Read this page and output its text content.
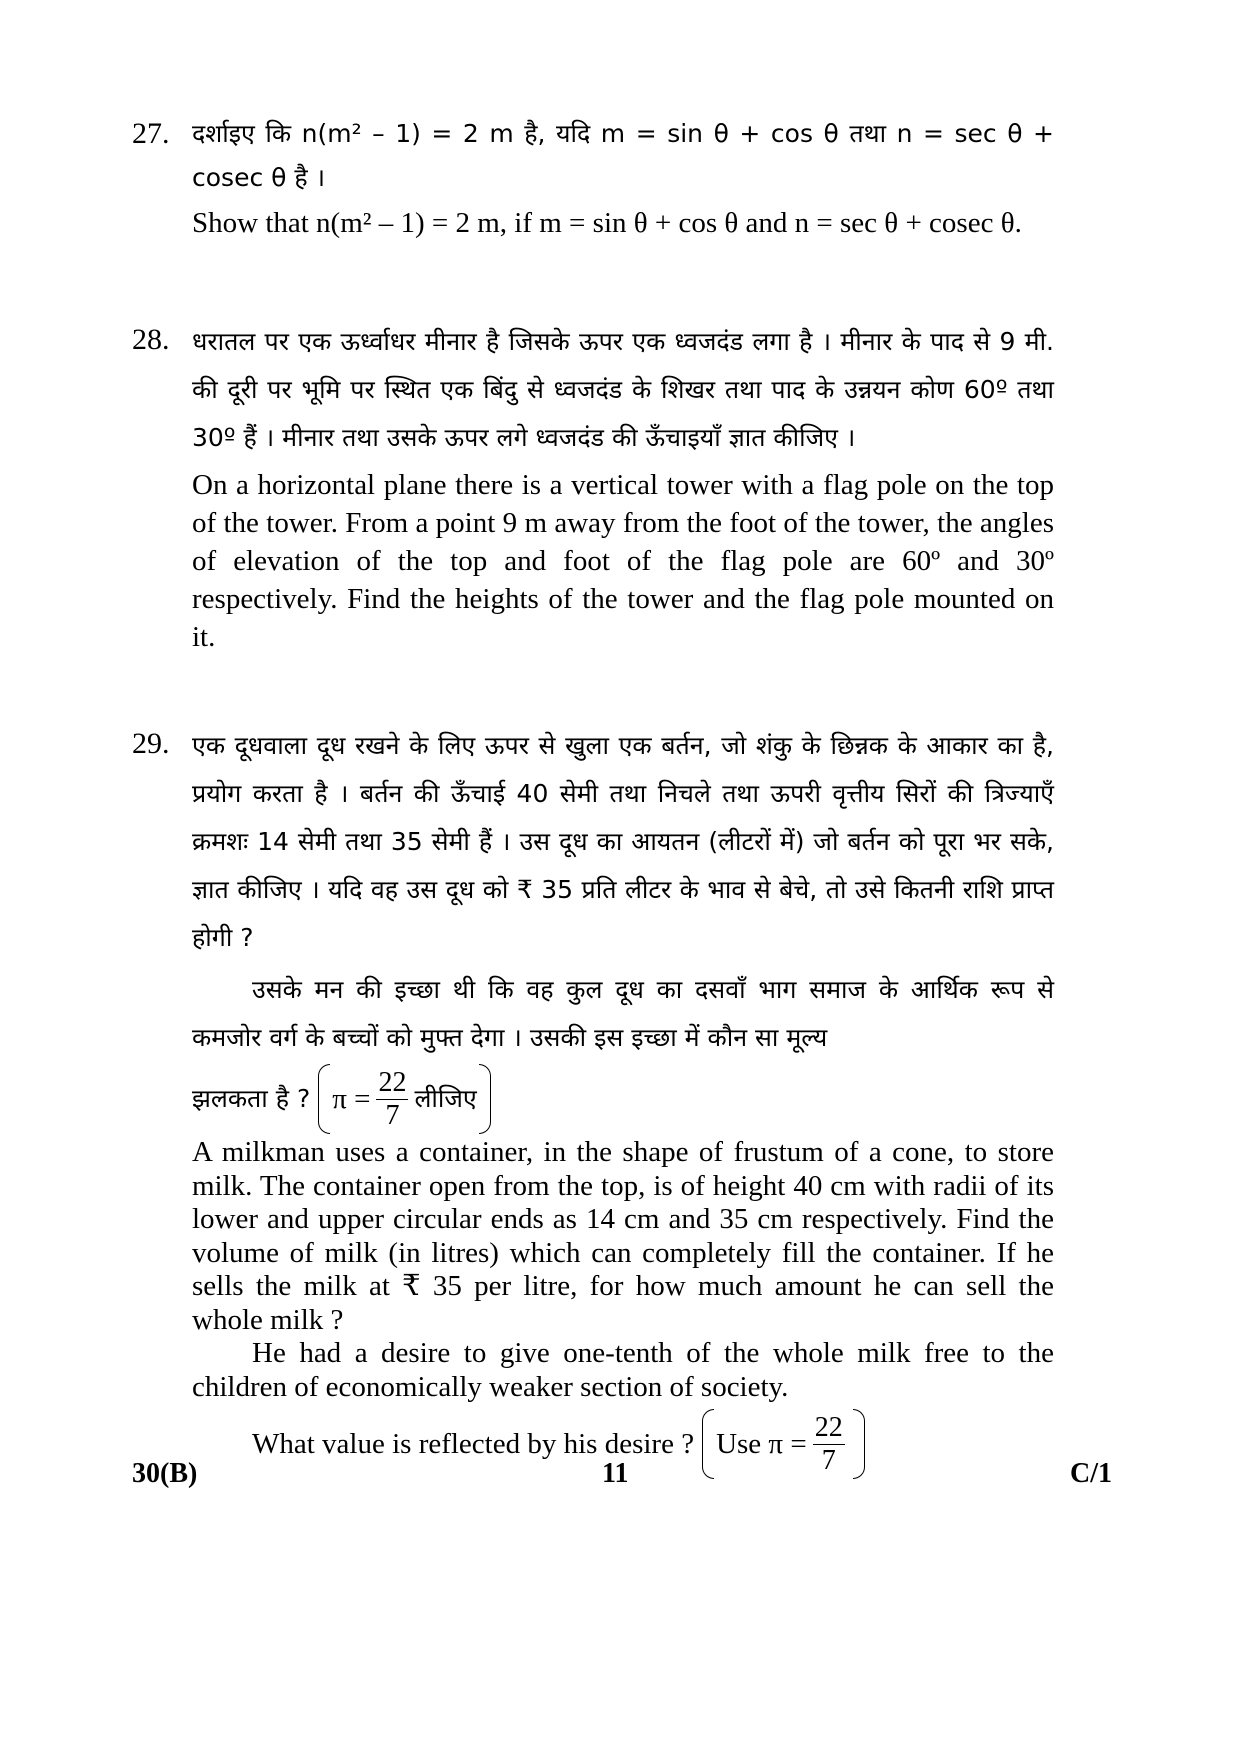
27. दर्शाइए कि n(m² – 1) = 2 m है, यदि m = sin θ + cos θ तथा n = sec θ + cosec θ है ।

Show that n(m² – 1) = 2 m, if m = sin θ + cos θ and n = sec θ + cosec θ.

28. धरातल पर एक ऊर्ध्वाधर मीनार है जिसके ऊपर एक ध्वजदंड लगा है । मीनार के पाद से 9 मी. की दूरी पर भूमि पर स्थित एक बिंदु से ध्वजदंड के शिखर तथा पाद के उन्नयन कोण 60º तथा 30º हैं । मीनार तथा उसके ऊपर लगे ध्वजदंड की ऊँचाइयाँ ज्ञात कीजिए ।

On a horizontal plane there is a vertical tower with a flag pole on the top of the tower. From a point 9 m away from the foot of the tower, the angles of elevation of the top and foot of the flag pole are 60º and 30º respectively. Find the heights of the tower and the flag pole mounted on it.

29. एक दूधवाला दूध रखने के लिए ऊपर से खुला एक बर्तन, जो शंकु के छिन्नक के आकार का है, प्रयोग करता है । बर्तन की ऊँचाई 40 सेमी तथा निचले तथा ऊपरी वृत्तीय सिरों की त्रिज्याएँ क्रमशः 14 सेमी तथा 35 सेमी हैं । उस दूध का आयतन (लीटरों में) जो बर्तन को पूरा भर सके, ज्ञात कीजिए । यदि वह उस दूध को ₹ 35 प्रति लीटर के भाव से बेचे, तो उसे कितनी राशि प्राप्त होगी ?

उसके मन की इच्छा थी कि वह कुल दूध का दसवाँ भाग समाज के आर्थिक रूप से कमजोर वर्ग के बच्चों को मुफ्त देगा । उसकी इस इच्छा में कौन सा मूल्य

झलकता है ? $\pi = \frac{22}{7}$ लीजिए

A milkman uses a container, in the shape of frustum of a cone, to store milk. The container open from the top, is of height 40 cm with radii of its lower and upper circular ends as 14 cm and 35 cm respectively. Find the volume of milk (in litres) which can completely fill the container. If he sells the milk at ₹ 35 per litre, for how much amount he can sell the whole milk ?

He had a desire to give one-tenth of the whole milk free to the children of economically weaker section of society.

What value is reflected by his desire ? Use $\pi = \frac{22}{7}$
30(B)	11	C/1
